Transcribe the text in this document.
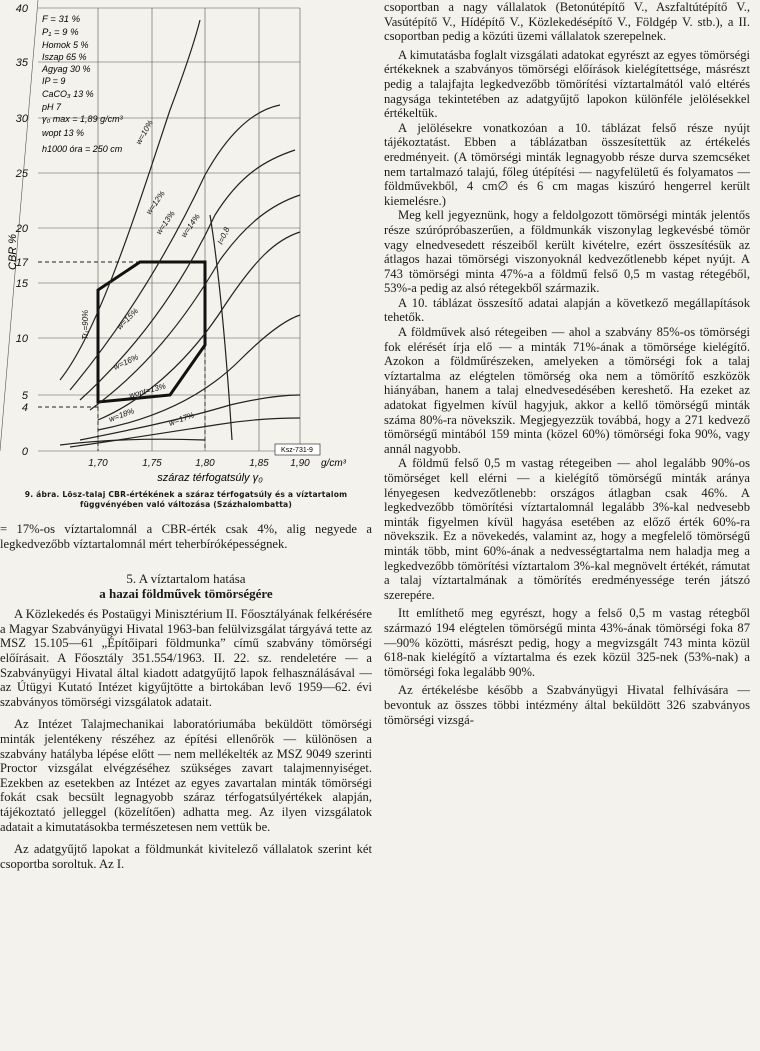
F = 31 %
P₁ = 9 %
Homok 5 %
Iszap 65 %
Agyag 30 %
IP = 9
CaCO₃ 13 %
pH 7
γ₀ max = 1,89 g/cm³
wopt 13 %
h1000 óra = 250 cm
w=10%
w=12%
w=13% w=14%
w=15%
w=16%
wopt=13%
w=18%	w=17%
Tr₁=90%
I=0,8
40
35
30
25
20
17
15
10
5
4
0
CBR %
1,70	1,75	1,80	1,85 1,90 g/cm³
száraz térfogatsúly γ₀
Ksz-731-9
9. ábra. Lösz-talaj CBR-értékének a száraz térfogatsúly és a víztartalom
függvényében való változása (Százhalombatta)

= 17%-os víztartalomnál a CBR-érték csak 4%, alig negyede a legkedvezőbb víztartalomnál mért teherbíróképességnek.

5. A víztartalom hatása
a hazai földművek tömörségére

A Közlekedés és Postaügyi Minisztérium II. Főosztályának felkérésére a Magyar Szabványügyi Hivatal 1963-ban felülvizsgálat tárgyává tette az MSZ 15.105—61 „Építőipari földmunka” című szabvány tömörségi előírásait. A Főosztály 351.554/1963. II. 22. sz. rendeletére — a Szabványügyi Hivatal által kiadott adatgyűjtő lapok felhasználásával — az Útügyi Kutató Intézet kigyűjtötte a birtokában levő 1959—62. évi szabványos tömörségi vizsgálatok adatait.

Az Intézet Talajmechanikai laboratóriumába beküldött tömörségi minták jelentékeny részéhez az építési ellenőrök — különösen a szabvány hatályba lépése előtt — nem mellékelték az MSZ 9049 szerinti Proctor vizsgálat elvégzéséhez szükséges zavart talajmennyiséget. Ezekben az esetekben az Intézet az egyes zavartalan minták tömörségi fokát csak becsült legnagyobb száraz térfogatsúlyértékek alapján, tájékoztató jelleggel (közelítően) adhatta meg. Az ilyen vizsgálatok adatait a kimutatásokba természetesen nem vettük be.

Az adatgyűjtő lapokat a földmunkát kivitelező vállalatok szerint két csoportba soroltuk. Az I.

csoportban a nagy vállalatok (Betonútépítő V., Aszfaltútépítő V., Vasútépítő V., Hídépítő V., Közlekedésépítő V., Földgép V. stb.), a II. csoportban pedig a közúti üzemi vállalatok szerepelnek.

A kimutatásba foglalt vizsgálati adatokat egyrészt az egyes tömörségi értékeknek a szabványos tömörségi előírások kielégítettsége, másrészt pedig a talajfajta legkedvezőbb tömörítési víztartalmától való eltérés nagysága tekintetében az adatgyűjtő lapokon különféle jelölésekkel értékeltük.

A jelölésekre vonatkozóan a 10. táblázat felső része nyújt tájékoztatást. Ebben a táblázatban összesítettük az értékelés eredményeit. (A tömörségi minták legnagyobb része durva szemcséket nem tartalmazó talajú, főleg útépítési — nagyfelületű és folyamatos — földművekből, 4 cm∅ és 6 cm magas kiszúró hengerrel került kiemelésre.)

Meg kell jegyeznünk, hogy a feldolgozott tömörségi minták jelentős része szúrópróbaszerűen, a földmunkák viszonylag legkevésbé tömör vagy elnedvesedett részeiből került kivételre, ezért összesítésük az átlagos hazai tömörségi viszonyoknál kedvezőtlenebb képet nyújt. A 743 tömörségi minta 47%-a a földmű felső 0,5 m vastag rétegéből, 53%-a pedig az alsó rétegekből származik.

A 10. táblázat összesítő adatai alapján a következő megállapítások tehetők.

A földművek alsó rétegeiben — ahol a szabvány 85%-os tömörségi fok elérését írja elő — a minták 71%-ának a tömörsége kielégítő. Azokon a földműrészeken, amelyeken a tömörségi fok a talaj víztartalma az elégtelen tömörség oka nem a tömörítő eszközök hiányában, hanem a talaj elnedvesedésében kereshető. Ha ezeket az adatokat figyelmen kívül hagyjuk, akkor a kellő tömörségű minták száma 80%-ra növekszik. Megjegyezzük továbbá, hogy a 271 kedvező tömörségű mintából 159 minta (közel 60%) tömörségi foka 90%, vagy annál nagyobb.

A földmű felső 0,5 m vastag rétegeiben — ahol legalább 90%-os tömörséget kell elérni — a kielégítő tömörségű minták aránya lényegesen kedvezőtlenebb: országos átlagban csak 46%. A legkedvezőbb tömörítési víztartalomnál legalább 3%-kal nedvesebb minták figyelmen kívül hagyása esetében az előző érték 60%-ra növekszik. Ez a növekedés, valamint az, hogy a megfelelő tömörségű minták több, mint 60%-ának a nedvességtartalma nem haladja meg a legkedvezőbb tömörítési víztartalom 3%-kal megnövelt értékét, rámutat a talaj víztartalmának a tömörítés eredményessége terén játszó szerepére.

Itt említhető meg egyrészt, hogy a felső 0,5 m vastag rétegből származó 194 elégtelen tömörségű minta 43%-ának tömörségi foka 87—90% közötti, másrészt pedig, hogy a megvizsgált 743 minta közül 618-nak kielégítő a víztartalma és ezek közül 325-nek (53%-nak) a tömörségi foka legalább 90%.

Az értékelésbe később a Szabványügyi Hivatal felhívására — bevontuk az összes többi intézmény által beküldött 326 szabványos tömörségi vizsgá-
